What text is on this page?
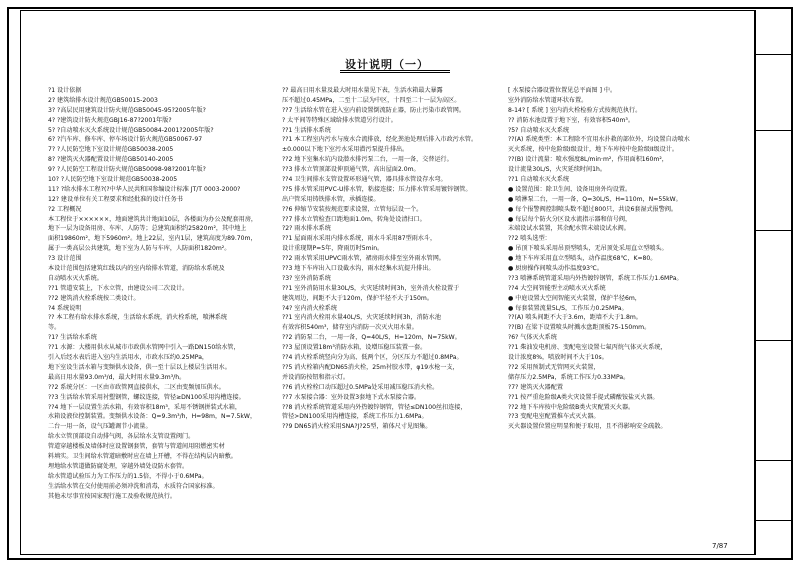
设计说明（一）
?1 设计依据
2? 建筑给排水设计规范GB50015-2003
3? ?高层民用建筑设计防火规范GB50045-95?2005年版?
4? ?建筑设计防火规范GBJ16-87?2001年版?
5? ?自动喷水灭火系统设计规范GB50084-2001?2005年版?
6? ?汽车库、修车库、停车场设计防火规范GB50067-97
7? ?人民防空地下室设计规范GB50038-2005
8? ?建筑灭火器配置设计规范GB50140-2005
9? ?人民防空工程设计防火规范GB50098-98?2001年版?
10? ?人民防空地下室设计规范GB50038-2005
11? ?给水排水工程?(?中华人民共和国参编设计标准 JT/T 0003-2000?
12? 建设单位有关工程要求和经批准的设计任务书
?2 工程概况
本工程位于××××××，地面建筑共计地面10层，各楼面为办公及配套用房，
地下一层为设备用房、车库、人防等；总建筑面积约25820m²，其中地上
面积19860m²，地下5960m²。地上22层，室内1层，建筑高度为89.70m，
属于一类高层公共建筑，地下室为人防与车库，人防面积1820m²。
?3 设计范围
本设计范围包括建筑红线以内的室内给排水管道，消防给水系统及
自动喷水灭火系统。
??1 管道安装上，下水立管，由建设公司二次设计。
??2 建筑消火栓系统按二类设计。
?4 系统说明
?? 本工程有给水排水系统，生活给水系统，消火栓系统，喷淋系统
等。
?1? 生活给水系统
??1 水源：大楼用供水从城市市政供水管网中引入一路DN150给水管，
引入后经水表后进入室内生活用水，市政水压约0.25MPa，
地下室设生活水箱与变频供水设备，供一至十层以上楼层生活用水。
最高日用水量93.0m³/d，最大时用水量9.3m³/h。
??2 系统分区：一区由市政管网直接供水，二区由变频加压供水。
??3 生活给水管采用衬塑钢管，螺纹连接，管径≥DN100采用沟槽连接。
??4 地下一层设置生活水箱，有效容积18m³，采用不锈钢拼装式水箱，
水箱设液位控制装置。变频供水设备：Q=9.3m³/h，H=98m，N=7.5kW，
二台一用一备，设气压罐调节小流量。
给水立管顶部设自动排气阀，各层给水支管设置阀门。
管道穿越楼板及墙体时应设置钢套管，套管与管道间用阻燃密实材
料填实。卫生间给水管道暗敷时应在墙上开槽，不得在结构层内暗敷。
埋地给水管道做防腐处理，穿越外墙处设防水套管。
给水管道试验压力为工作压力的1.5倍，不得小于0.6MPa。
生活给水管在交付使用前必须冲洗和消毒，水质符合国家标准。
其他未尽事宜按国家现行施工及验收规范执行。
?? 最高日用水量及最大时用水量见下表，生活水箱最大暴露
压不超过0.45MPa，二至十二层为中区，十四至二十一层为高区。
??7 生活给水管在进入室内前设置倒流防止器，防止污染市政管网。
? 太平间等特殊区域给排水管道另行设计。
??1 生活排水系统
??1 本工程室内污水与废水合流排放，经化粪池处理后排入市政污水管。
±0.000以下地下室污水采用潜污泵提升排出。
??2 地下室集水坑内设潜水排污泵二台，一用一备，交替运行。
??3 排水立管顶部设伸顶通气管，高出屋面2.0m。
??4 卫生间排水支管设置环形通气管，器具排水管设存水弯。
??5 排水管采用PVC-U排水管，粘接连接；压力排水管采用镀锌钢管。
出户管采用铸铁排水管，承插连接。
??6 伸缩节安装按规范要求设置，立管每层设一个。
??7 排水立管检查口距地面1.0m，转角处设清扫口。
?2? 雨水排水系统
??1 屋面雨水采用内排水系统，雨水斗采用87型雨水斗，
设计重现期P=5年，降雨历时5min。
??2 雨水管采用UPVC雨水管，裙房雨水排至室外雨水管网。
??3 地下车库出入口设截水沟，雨水经集水坑提升排出。
?3? 室外消防系统
??1 室外消防用水量30L/S，火灾延续时间3h，室外消火栓设置于
建筑周边，间距不大于120m，保护半径不大于150m。
?4? 室内消火栓系统
??1 室内消火栓用水量40L/S，火灾延续时间3h，消防水池
有效容积540m³，储存室内消防一次灭火用水量。
??2 消防泵二台，一用一备，Q=40L/S，H=120m，N=75kW。
??3 屋顶设置18m³消防水箱，设增压稳压装置一套。
??4 消火栓系统竖向分为高、低两个区，分区压力不超过0.8MPa。
??5 消火栓箱内配DN65消火栓，25m衬胶水带，φ19水枪一支，
并设消防按钮和指示灯。
??6 消火栓栓口动压超过0.5MPa处采用减压稳压消火栓。
??7 水泵接合器：室外设置3套地下式水泵接合器。
??8 消火栓系统管道采用内外热镀锌钢管，管径≤DN100丝扣连接，
管径>DN100采用沟槽连接，系统工作压力1.6MPa。
??9 DN65消火栓采用SNA?J?25型，箱体尺寸见图集。
[ 水泵接合器设置位置见总平面图 ] 中。
室外消防给水管道环状布置。
8-14? [ 系统 ] 室内消火栓检验方式按规范执行。
?? 消防水池设置于地下室，有效容积540m³。
?5? 自动喷水灭火系统
??(A) 系统类型：本工程除不宜用水扑救的部位外，均设置自动喷水
灭火系统，按中危险级I级设计，地下车库按中危险级II级设计。
??(B) 设计流量：喷水强度8L/min·m²，作用面积160m²，
设计流量30L/S，火灾延续时间1h。
??1 自动喷水灭火系统
● 设置范围：除卫生间、设备用房外均设置。
● 喷淋泵二台，一用一备，Q=30L/S，H=110m，N=55kW。
● 每个报警阀控制喷头数不超过800只，共设6套湿式报警阀。
● 每层每个防火分区设水流指示器和信号阀，
末端设试水装置，其余配水管末端设试水阀。
??2 喷头选型：
● 吊顶下喷头采用吊顶型喷头，无吊顶处采用直立型喷头。
● 地下车库采用直立型喷头，动作温度68℃，K=80。
● 厨房操作间喷头动作温度93℃。
??3 喷淋系统管道采用内外热镀锌钢管，系统工作压力1.6MPa。
??4 大空间智能型主动喷水灭火系统
● 中庭设置大空间智能灭火装置，保护半径6m，
● 每套装置流量5L/S，工作压力0.25MPa。
??(A) 喷头间距不大于3.6m，距墙不大于1.8m。
??(B) 在梁下设置喷头时溅水盘距顶板75-150mm。
?6? 气体灭火系统
??1 柴油发电机房、变配电室设置七氟丙烷气体灭火系统，
设计浓度8%，喷放时间不大于10s。
??2 采用预制式无管网灭火装置，
储存压力2.5MPa，系统工作压力0.33MPa。
?7? 建筑灭火器配置
??1 按严重危险级A类火灾设置手提式磷酸铵盐灭火器。
??2 地下车库按中危险级B类火灾配置灭火器。
??3 变配电室配置推车式灭火器。
灭火器设置位置应明显和便于取用，且不得影响安全疏散。
7/87
